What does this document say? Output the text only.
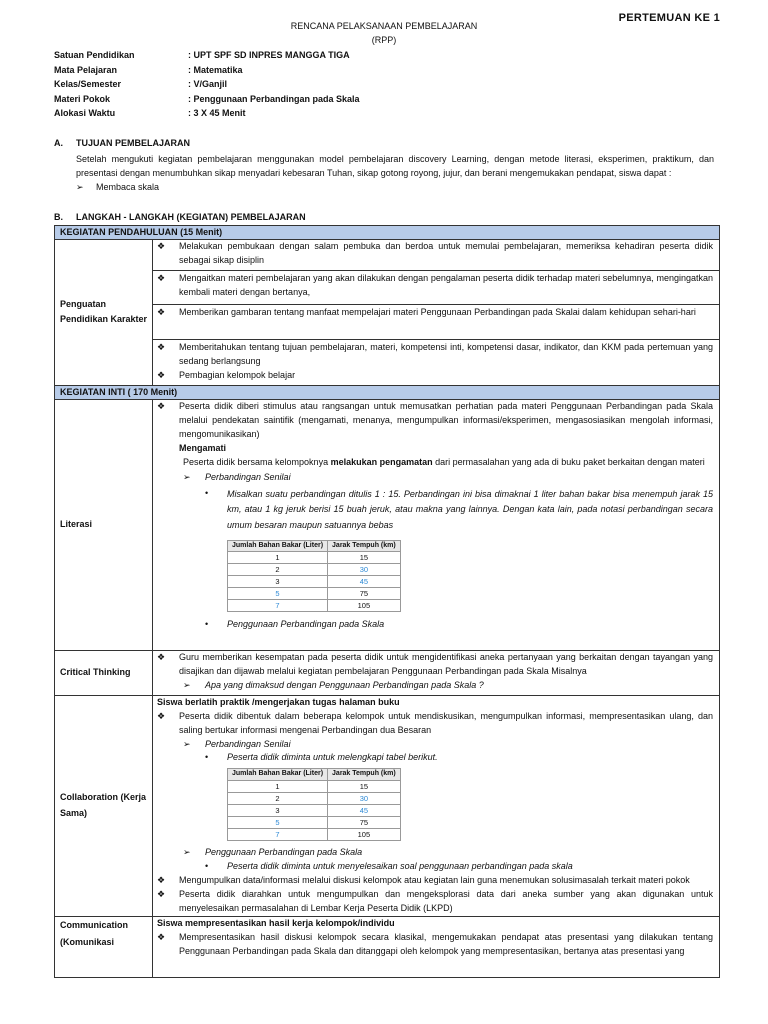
PERTEMUAN KE 1
RENCANA PELAKSANAAN PEMBELAJARAN
(RPP)
Satuan Pendidikan	: UPT SPF SD INPRES MANGGA TIGA
Mata Pelajaran	: Matematika
Kelas/Semester	: V/Ganjil
Materi Pokok	: Penggunaan Perbandingan pada Skala
Alokasi Waktu	: 3 X 45 Menit
A. TUJUAN PEMBELAJARAN
Setelah mengukuti kegiatan pembelajaran menggunakan model pembelajaran discovery Learning, dengan metode literasi, eksperimen, praktikum, dan presentasi dengan menumbuhkan sikap menyadari kebesaran Tuhan, sikap gotong royong, jujur, dan berani mengemukakan pendapat, siswa dapat :
➢ Membaca skala
B. LANGKAH - LANGKAH (KEGIATAN) PEMBELAJARAN
KEGIATAN PENDAHULUAN (15 Menit)
Penguatan Pendidikan Karakter	
❖	Melakukan pembukaan dengan salam pembuka dan berdoa untuk memulai pembelajaran, memeriksa kehadiran peserta didik sebagai sikap disiplin
❖	Mengaitkan materi pembelajaran yang akan dilakukan dengan pengalaman peserta didik terhadap materi sebelumnya, mengingatkan kembali materi dengan bertanya,
❖	Memberikan gambaran tentang manfaat mempelajari materi Penggunaan Perbandingan pada Skalai dalam kehidupan sehari-hari
❖	Memberitahukan tentang tujuan pembelajaran, materi, kompetensi inti, kompetensi dasar, indikator, dan KKM pada pertemuan yang sedang berlangsung
❖	Pembagian kelompok belajar

KEGIATAN INTI ( 170 Menit)
Literasi	
❖	Peserta didik diberi stimulus atau rangsangan untuk memusatkan perhatian pada materi Penggunaan Perbandingan pada Skala melalui pendekatan saintifik (mengamati, menanya, mengumpulkan informasi/eksperimen, mengasosiasikan mengolah informasi, mengomunikasikan)
Mengamati
Peserta didik bersama kelompoknya melakukan pengamatan dari permasalahan yang ada di buku paket berkaitan dengan materi
➢	Perbandingan Senilai
•	Misalkan suatu perbandingan ditulis 1 : 15. Perbandingan ini bisa dimaknai 1 liter bahan bakar bisa menempuh jarak 15 km, atau 1 kg jeruk berisi 15 buah jeruk, atau makna yang lainnya. Dengan kata lain, pada notasi perbandingan secara umum besaran maupun satuannya bebas
Jumlah Bahan Bakar (Liter)	Jarak Tempuh (km)
1	15
2	30
3	45
5	75
7	105
•	Penggunaan Perbandingan pada Skala

Critical Thinking	
❖	Guru memberikan kesempatan pada peserta didik untuk mengidentifikasi aneka pertanyaan yang berkaitan dengan tayangan yang disajikan dan dijawab melalui kegiatan pembelajaran Penggunaan Perbandingan pada Skala Misalnya
➢	Apa yang dimaksud dengan Penggunaan Perbandingan pada Skala ?

Collaboration (Kerja Sama)	
Siswa berlatih praktik /mengerjakan tugas halaman buku
❖	Peserta didik dibentuk dalam beberapa kelompok untuk mendiskusikan, mengumpulkan informasi, mempresentasikan ulang, dan saling bertukar informasi mengenai Perbandingan dua Besaran
➢	Perbandingan Senilai
•	Peserta didik diminta untuk melengkapi tabel berikut.
Jumlah Bahan Bakar (Liter)	Jarak Tempuh (km)
1	15
2	30
3	45
5	75
7	105
➢	Penggunaan Perbandingan pada Skala
•	Peserta didik diminta untuk menyelesaikan soal penggunaan perbandingan pada skala
❖	Mengumpulkan data/informasi melalui diskusi kelompok atau kegiatan lain guna menemukan solusimasalah terkait materi pokok
❖	Peserta didik diarahkan untuk mengumpulkan dan mengeksplorasi data dari aneka sumber yang akan digunakan untuk menyelesaikan permasalahan di Lembar Kerja Peserta Didik (LKPD)

Communication (Komunikasi	
Siswa mempresentasikan hasil kerja kelompok/individu
❖	Mempresentasikan hasil diskusi kelompok secara klasikal, mengemukakan pendapat atas presentasi yang dilakukan tentang Penggunaan Perbandingan pada Skala dan ditanggapi oleh kelompok yang mempresentasikan, bertanya atas presentasi yang
